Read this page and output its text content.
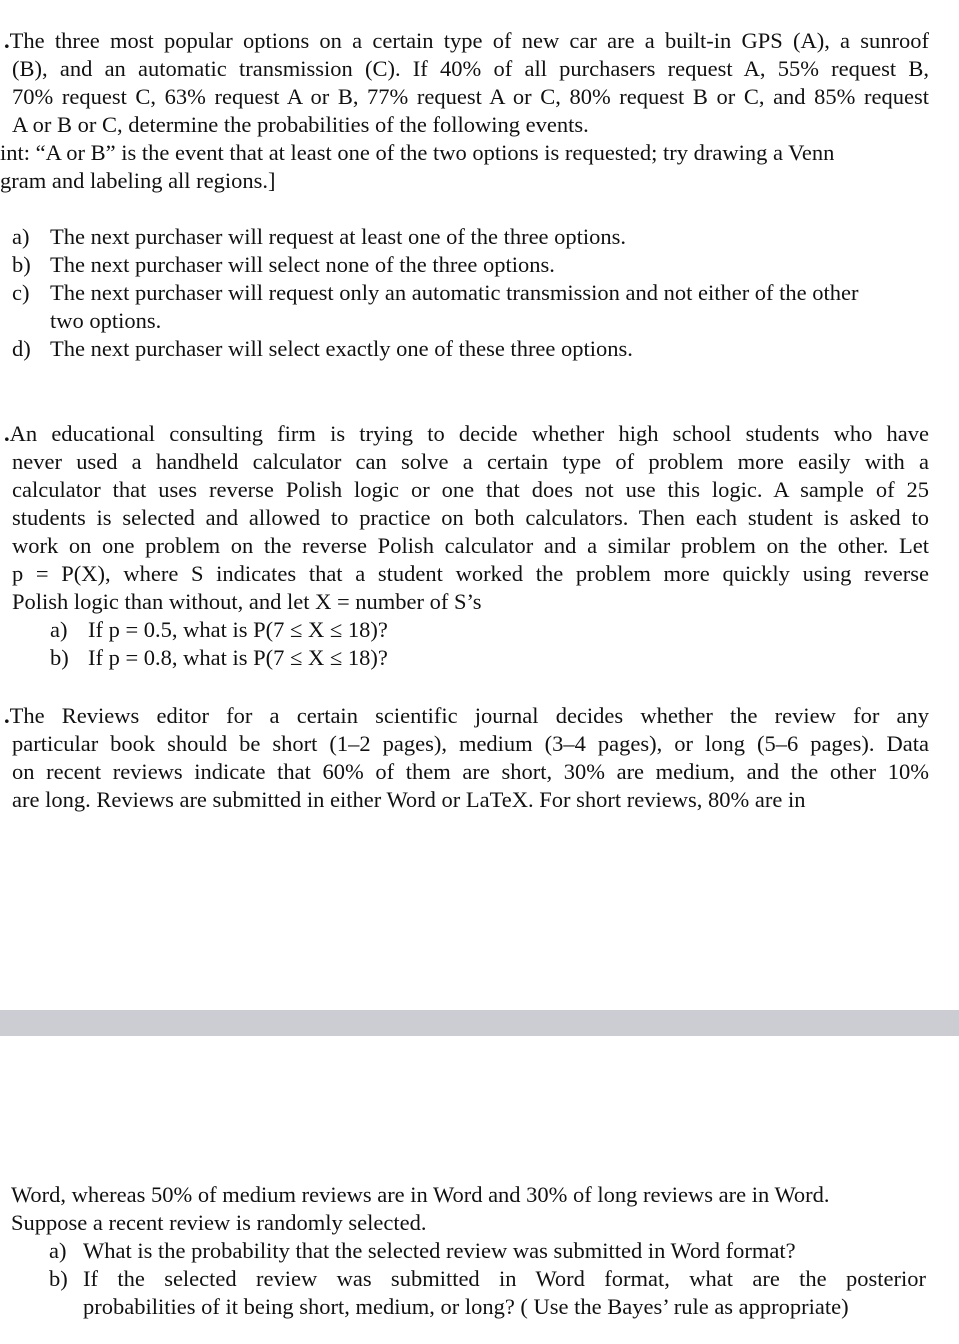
.The three most popular options on a certain type of new car are a built-in GPS (A), a sunroof
(B), and an automatic transmission (C). If 40% of all purchasers request A, 55% request B,
70% request C, 63% request A or B, 77% request A or C, 80% request B or C, and 85% request
A or B or C, determine the probabilities of the following events.
int: “A or B” is the event that at least one of the two options is requested; try drawing a Venn
gram and labeling all regions.]
a) The next purchaser will request at least one of the three options.
b) The next purchaser will select none of the three options.
c) The next purchaser will request only an automatic transmission and not either of the other
two options.
d) The next purchaser will select exactly one of these three options.
.An educational consulting firm is trying to decide whether high school students who have
never used a handheld calculator can solve a certain type of problem more easily with a
calculator that uses reverse Polish logic or one that does not use this logic. A sample of 25
students is selected and allowed to practice on both calculators. Then each student is asked to
work on one problem on the reverse Polish calculator and a similar problem on the other. Let
p = P(X), where S indicates that a student worked the problem more quickly using reverse
Polish logic than without, and let X = number of S’s
a) If p = 0.5, what is P(7 ≤ X ≤ 18)?
b) If p = 0.8, what is P(7 ≤ X ≤ 18)?
.The Reviews editor for a certain scientific journal decides whether the review for any
particular book should be short (1–2 pages), medium (3–4 pages), or long (5–6 pages). Data
on recent reviews indicate that 60% of them are short, 30% are medium, and the other 10%
are long. Reviews are submitted in either Word or LaTeX. For short reviews, 80% are in
Word, whereas 50% of medium reviews are in Word and 30% of long reviews are in Word.
Suppose a recent review is randomly selected.
a) What is the probability that the selected review was submitted in Word format?
b) If the selected review was submitted in Word format, what are the posterior
probabilities of it being short, medium, or long? ( Use the Bayes’ rule as appropriate)
